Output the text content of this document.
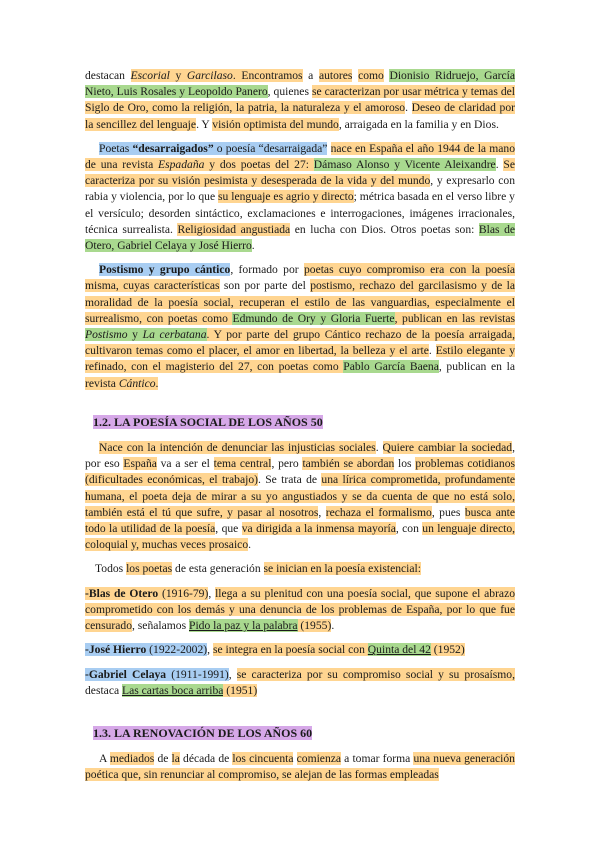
destacan Escorial y Garcilaso. Encontramos a autores como Dionisio Ridruejo, García Nieto, Luis Rosales y Leopoldo Panero, quienes se caracterizan por usar métrica y temas del Siglo de Oro, como la religión, la patria, la naturaleza y el amoroso. Deseo de claridad por la sencillez del lenguaje. Y visión optimista del mundo, arraigada en la familia y en Dios.

Poetas “desarraigados” o poesía “desarraigada” nace en España el año 1944 de la mano de una revista Espadaña y dos poetas del 27: Dámaso Alonso y Vicente Aleixandre. Se caracteriza por su visión pesimista y desesperada de la vida y del mundo, y expresarlo con rabia y violencia, por lo que su lenguaje es agrio y directo; métrica basada en el verso libre y el versículo; desorden sintáctico, exclamaciones e interrogaciones, imágenes irracionales, técnica surrealista. Religiosidad angustiada en lucha con Dios. Otros poetas son: Blas de Otero, Gabriel Celaya y José Hierro.

Postismo y grupo cántico, formado por poetas cuyo compromiso era con la poesía misma, cuyas características son por parte del postismo, rechazo del garcilasismo y de la moralidad de la poesía social, recuperan el estilo de las vanguardias, especialmente el surrealismo, con poetas como Edmundo de Ory y Gloria Fuerte, publican en las revistas Postismo y La cerbatana. Y por parte del grupo Cántico rechazo de la poesía arraigada, cultivaron temas como el placer, el amor en libertad, la belleza y el arte. Estilo elegante y refinado, con el magisterio del 27, con poetas como Pablo García Baena, publican en la revista Cántico.

1.2. LA POESÍA SOCIAL DE LOS AÑOS 50

Nace con la intención de denunciar las injusticias sociales. Quiere cambiar la sociedad, por eso España va a ser el tema central, pero también se abordan los problemas cotidianos (dificultades económicas, el trabajo). Se trata de una lírica comprometida, profundamente humana, el poeta deja de mirar a su yo angustiados y se da cuenta de que no está solo, también está el tú que sufre, y pasar al nosotros, rechaza el formalismo, pues busca ante todo la utilidad de la poesía, que va dirigida a la inmensa mayoría, con un lenguaje directo, coloquial y, muchas veces prosaico.

Todos los poetas de esta generación se inician en la poesía existencial:

-Blas de Otero (1916-79), llega a su plenitud con una poesía social, que supone el abrazo comprometido con los demás y una denuncia de los problemas de España, por lo que fue censurado, señalamos Pido la paz y la palabra (1955).

-José Hierro (1922-2002), se integra en la poesía social con Quinta del 42 (1952)

-Gabriel Celaya (1911-1991), se caracteriza por su compromiso social y su prosaísmo, destaca Las cartas boca arriba (1951)

1.3. LA RENOVACIÓN DE LOS AÑOS 60

A mediados de la década de los cincuenta comienza a tomar forma una nueva generación poética que, sin renunciar al compromiso, se alejan de las formas empleadas
